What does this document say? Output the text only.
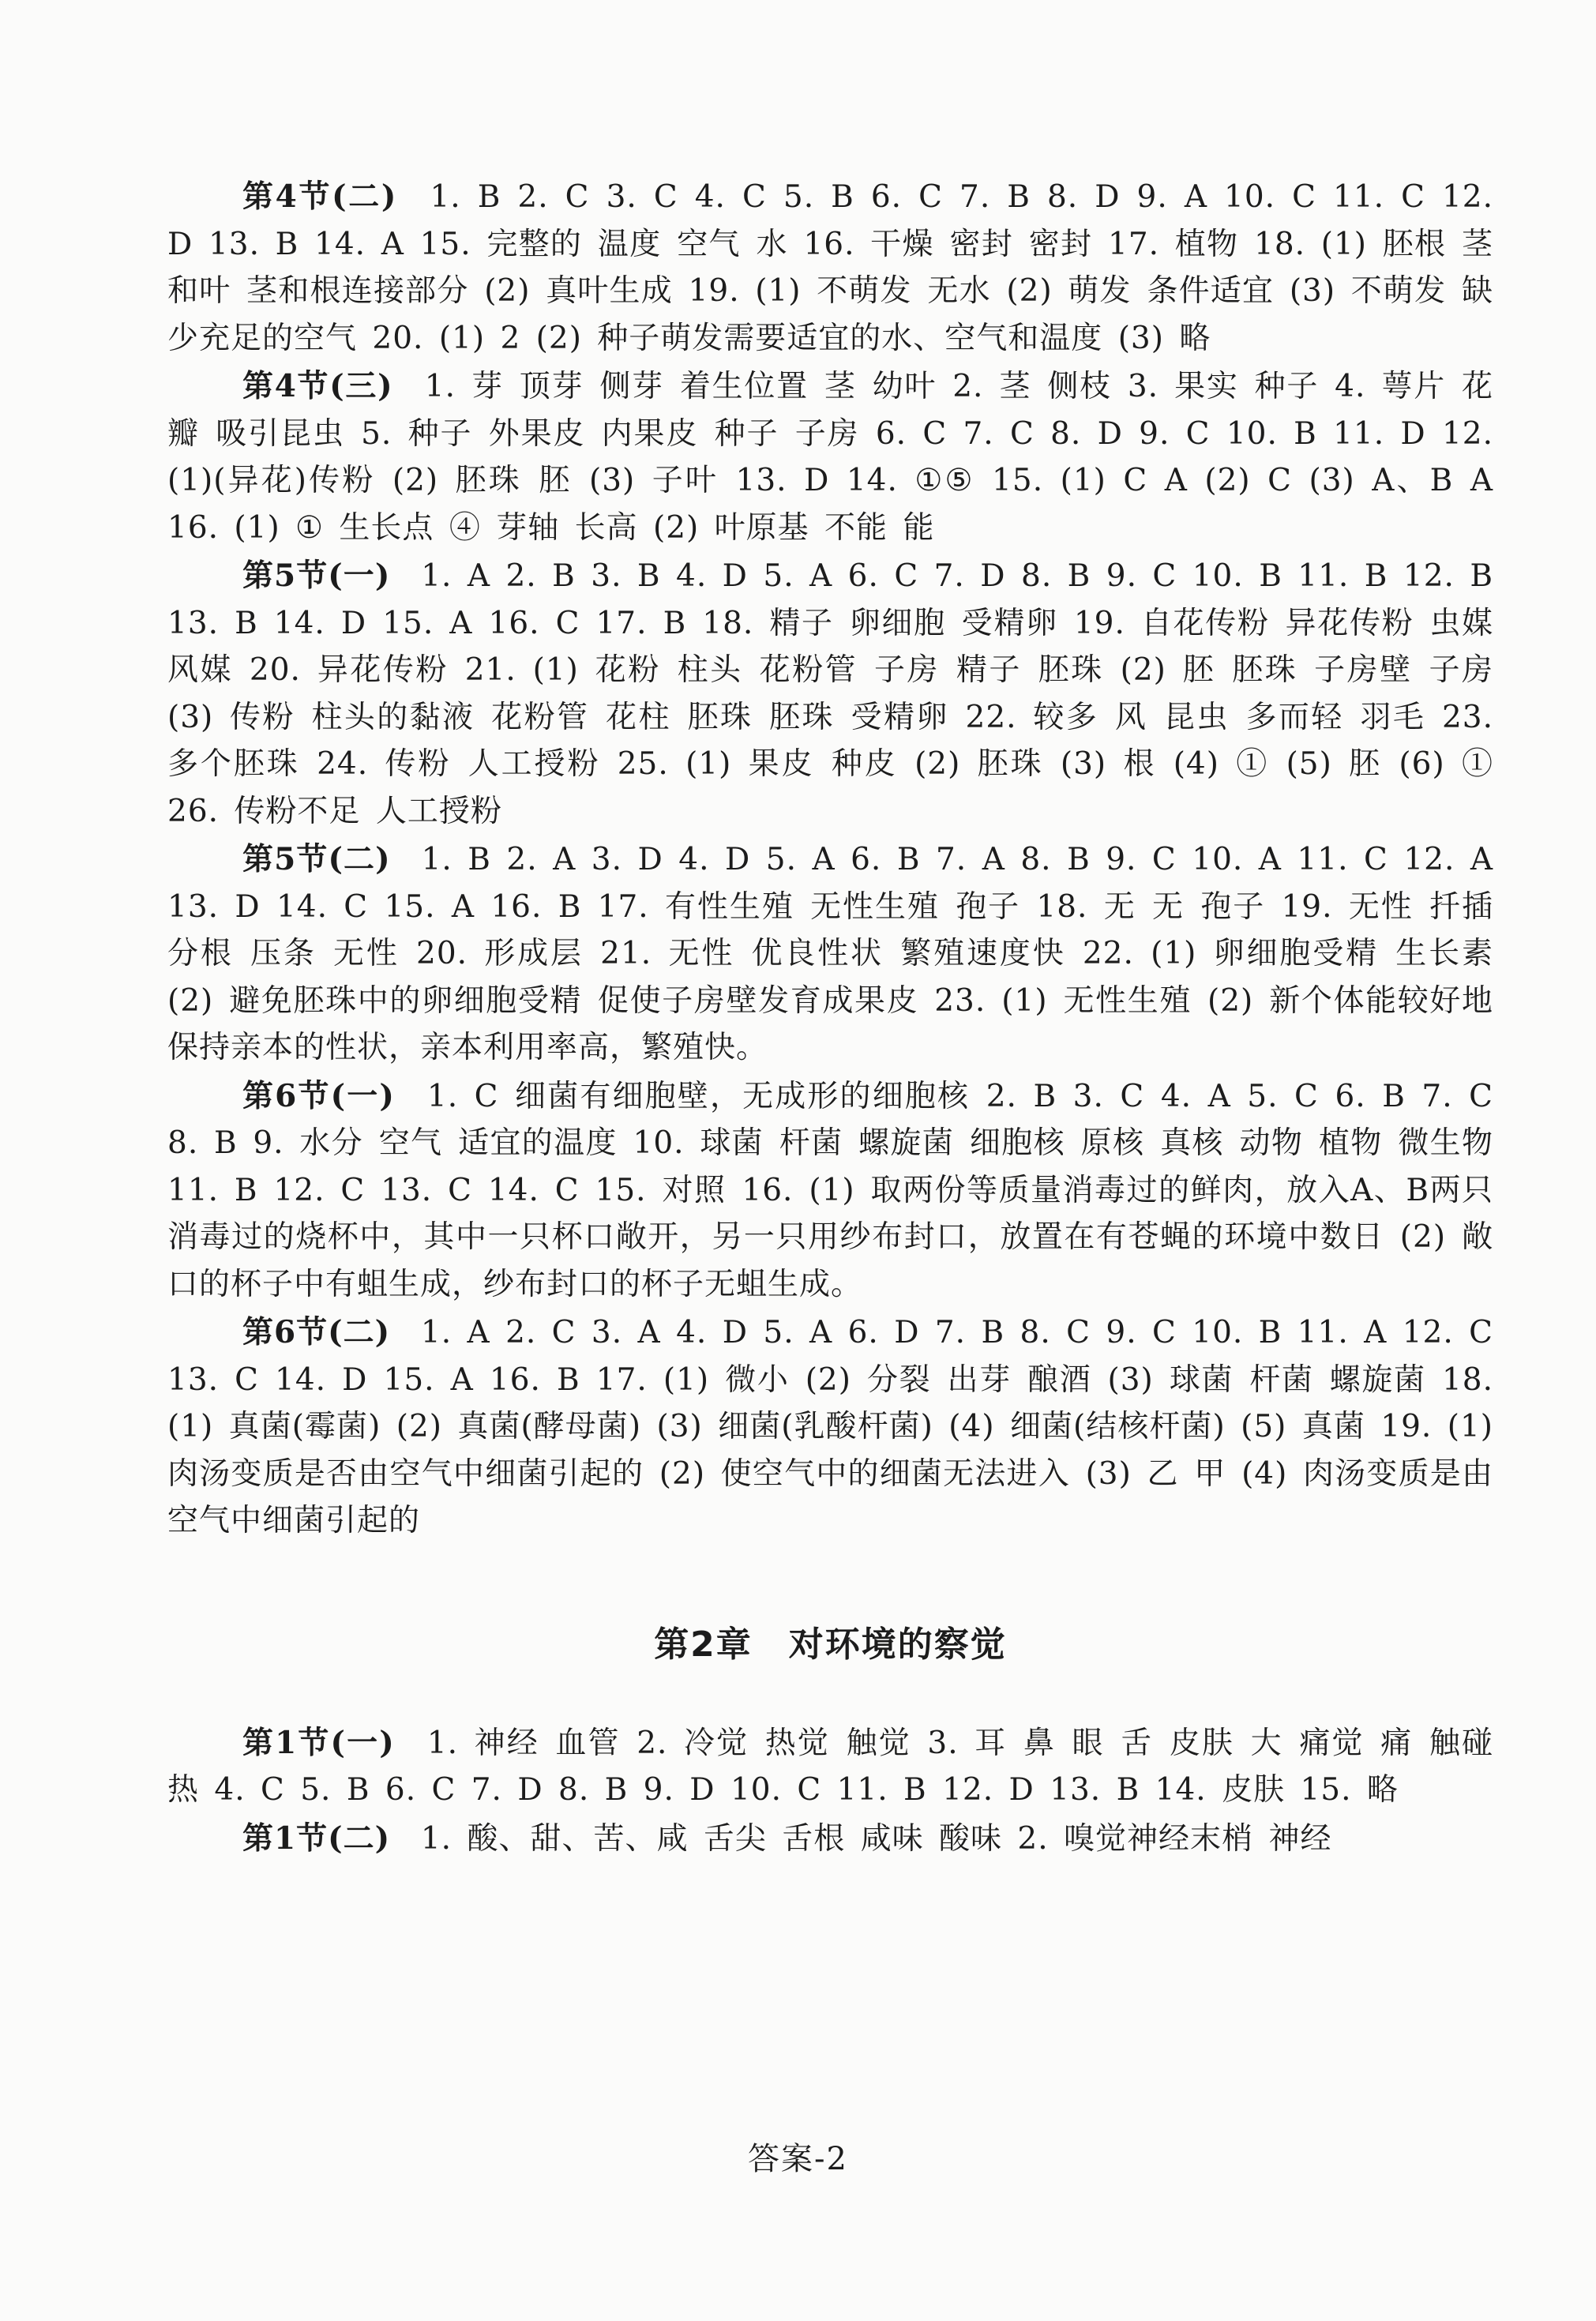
第4节(二) 1. B 2. C 3. C 4. C 5. B 6. C 7. B 8. D 9. A 10. C 11. C 12. D 13. B 14. A 15. 完整的 温度 空气 水 16. 干燥 密封 密封 17. 植物 18. (1) 胚根 茎和叶 茎和根连接部分 (2) 真叶生成 19. (1) 不萌发 无水 (2) 萌发 条件适宜 (3) 不萌发 缺少充足的空气 20. (1) 2 (2) 种子萌发需要适宜的水、空气和温度 (3) 略

第4节(三) 1. 芽 顶芽 侧芽 着生位置 茎 幼叶 2. 茎 侧枝 3. 果实 种子 4. 萼片 花瓣 吸引昆虫 5. 种子 外果皮 内果皮 种子 子房 6. C 7. C 8. D 9. C 10. B 11. D 12. (1)(异花)传粉 (2) 胚珠 胚 (3) 子叶 13. D 14. ①⑤ 15. (1) C A (2) C (3) A、B A 16. (1) ① 生长点 ④ 芽轴 长高 (2) 叶原基 不能 能

第5节(一) 1. A 2. B 3. B 4. D 5. A 6. C 7. D 8. B 9. C 10. B 11. B 12. B 13. B 14. D 15. A 16. C 17. B 18. 精子 卵细胞 受精卵 19. 自花传粉 异花传粉 虫媒 风媒 20. 异花传粉 21. (1) 花粉 柱头 花粉管 子房 精子 胚珠 (2) 胚 胚珠 子房壁 子房 (3) 传粉 柱头的黏液 花粉管 花柱 胚珠 胚珠 受精卵 22. 较多 风 昆虫 多而轻 羽毛 23. 多个胚珠 24. 传粉 人工授粉 25. (1) 果皮 种皮 (2) 胚珠 (3) 根 (4) ① (5) 胚 (6) ① 26. 传粉不足 人工授粉

第5节(二) 1. B 2. A 3. D 4. D 5. A 6. B 7. A 8. B 9. C 10. A 11. C 12. A 13. D 14. C 15. A 16. B 17. 有性生殖 无性生殖 孢子 18. 无 无 孢子 19. 无性 扦插 分根 压条 无性 20. 形成层 21. 无性 优良性状 繁殖速度快 22. (1) 卵细胞受精 生长素 (2) 避免胚珠中的卵细胞受精 促使子房壁发育成果皮 23. (1) 无性生殖 (2) 新个体能较好地保持亲本的性状，亲本利用率高，繁殖快。

第6节(一) 1. C 细菌有细胞壁，无成形的细胞核 2. B 3. C 4. A 5. C 6. B 7. C 8. B 9. 水分 空气 适宜的温度 10. 球菌 杆菌 螺旋菌 细胞核 原核 真核 动物 植物 微生物 11. B 12. C 13. C 14. C 15. 对照 16. (1) 取两份等质量消毒过的鲜肉，放入A、B两只消毒过的烧杯中，其中一只杯口敞开，另一只用纱布封口，放置在有苍蝇的环境中数日 (2) 敞口的杯子中有蛆生成，纱布封口的杯子无蛆生成。

第6节(二) 1. A 2. C 3. A 4. D 5. A 6. D 7. B 8. C 9. C 10. B 11. A 12. C 13. C 14. D 15. A 16. B 17. (1) 微小 (2) 分裂 出芽 酿酒 (3) 球菌 杆菌 螺旋菌 18. (1) 真菌(霉菌) (2) 真菌(酵母菌) (3) 细菌(乳酸杆菌) (4) 细菌(结核杆菌) (5) 真菌 19. (1) 肉汤变质是否由空气中细菌引起的 (2) 使空气中的细菌无法进入 (3) 乙 甲 (4) 肉汤变质是由空气中细菌引起的

第2章　对环境的察觉

第1节(一) 1. 神经 血管 2. 冷觉 热觉 触觉 3. 耳 鼻 眼 舌 皮肤 大 痛觉 痛 触碰 热 4. C 5. B 6. C 7. D 8. B 9. D 10. C 11. B 12. D 13. B 14. 皮肤 15. 略

第1节(二) 1. 酸、甜、苦、咸 舌尖 舌根 咸味 酸味 2. 嗅觉神经末梢 神经

答案-2
